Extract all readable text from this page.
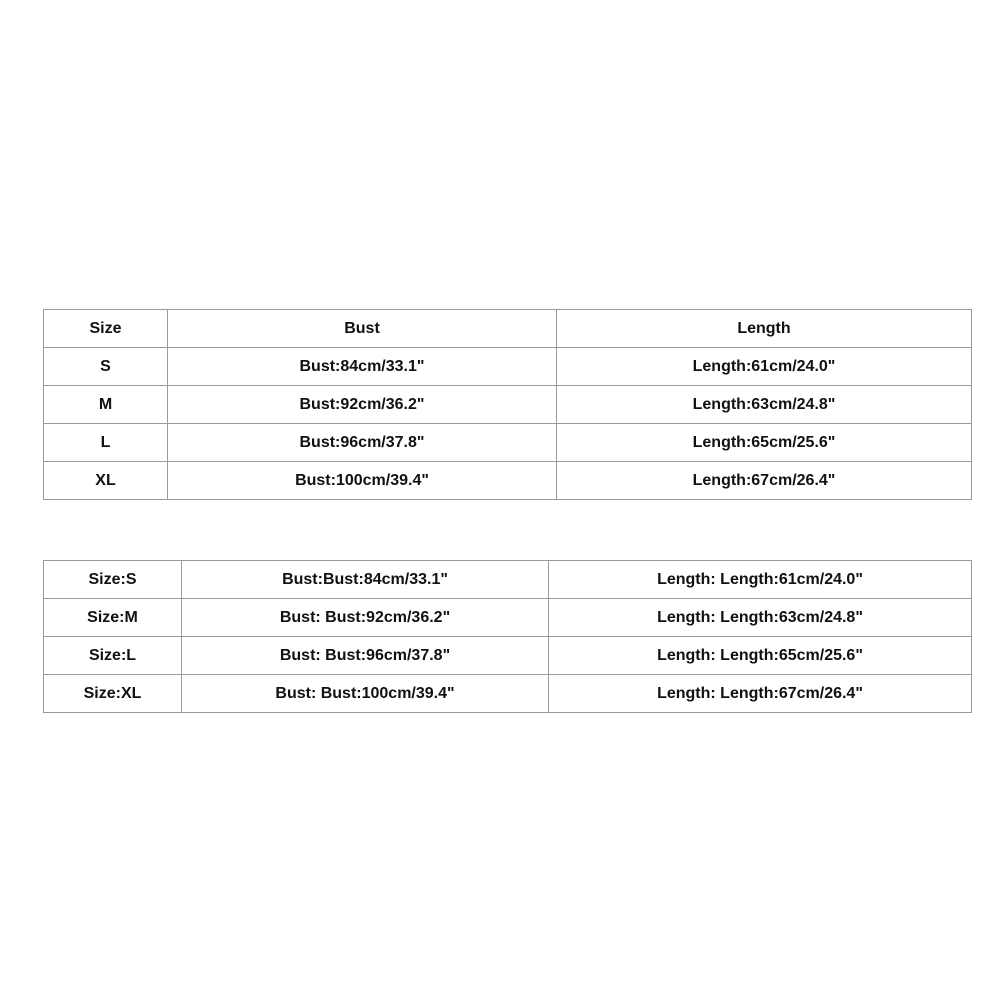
Size	Bust	Length
S	Bust:84cm/33.1"	Length:61cm/24.0"
M	Bust:92cm/36.2"	Length:63cm/24.8"
L	Bust:96cm/37.8"	Length:65cm/25.6"
XL	Bust:100cm/39.4"	Length:67cm/26.4"
Size:S	Bust:Bust:84cm/33.1"	Length: Length:61cm/24.0"
Size:M	Bust: Bust:92cm/36.2"	Length: Length:63cm/24.8"
Size:L	Bust: Bust:96cm/37.8"	Length: Length:65cm/25.6"
Size:XL	Bust: Bust:100cm/39.4"	Length: Length:67cm/26.4"
